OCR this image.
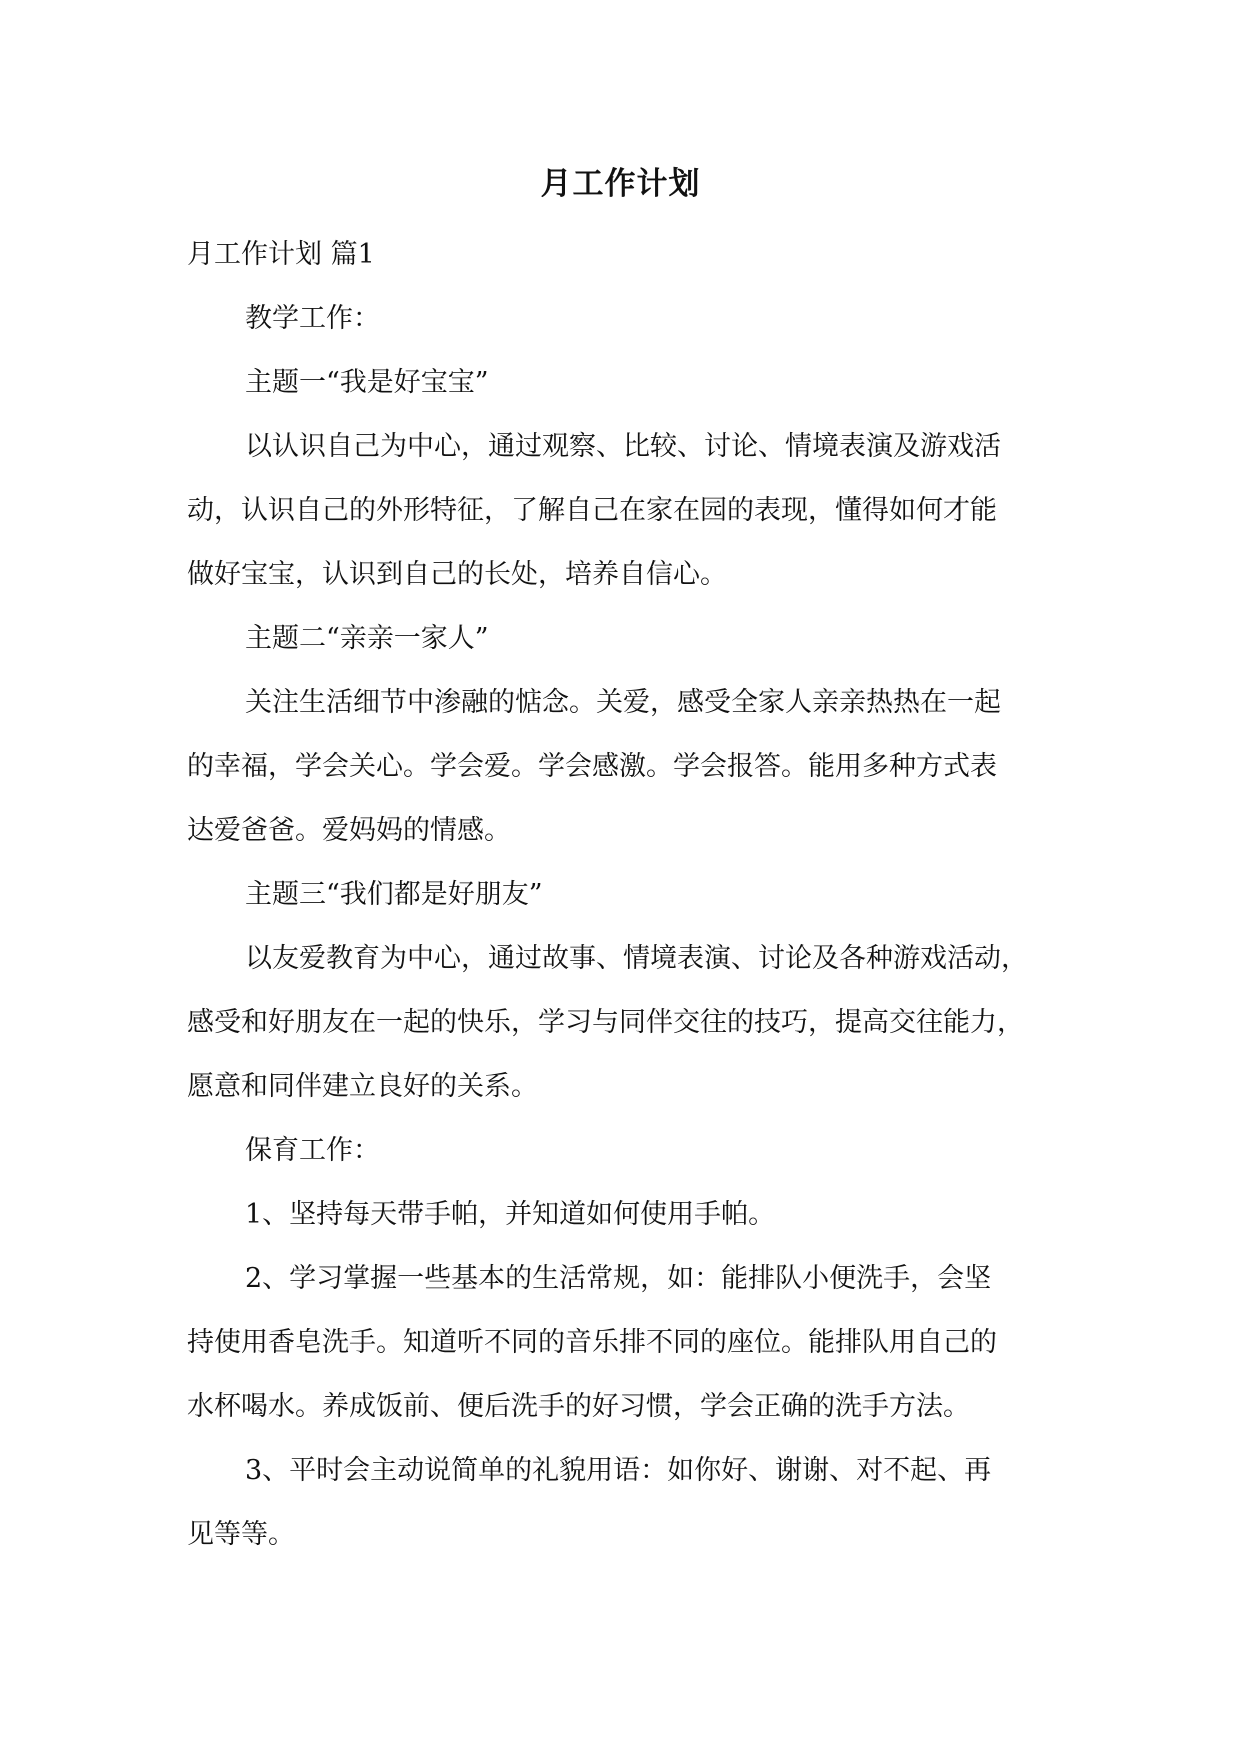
月工作计划
月工作计划 篇1
教学工作：
主题一“我是好宝宝”
以认识自己为中心，通过观察、比较、讨论、情境表演及游戏活
动，认识自己的外形特征，了解自己在家在园的表现，懂得如何才能
做好宝宝，认识到自己的长处，培养自信心。
主题二“亲亲一家人”
关注生活细节中渗融的惦念。关爱，感受全家人亲亲热热在一起
的幸福，学会关心。学会爱。学会感激。学会报答。能用多种方式表
达爱爸爸。爱妈妈的情感。
主题三“我们都是好朋友”
以友爱教育为中心，通过故事、情境表演、讨论及各种游戏活动，
感受和好朋友在一起的快乐，学习与同伴交往的技巧，提高交往能力，
愿意和同伴建立良好的关系。
保育工作：
1、坚持每天带手帕，并知道如何使用手帕。
2、学习掌握一些基本的生活常规，如：能排队小便洗手，会坚
持使用香皂洗手。知道听不同的音乐排不同的座位。能排队用自己的
水杯喝水。养成饭前、便后洗手的好习惯，学会正确的洗手方法。
3、平时会主动说简单的礼貌用语：如你好、谢谢、对不起、再
见等等。
